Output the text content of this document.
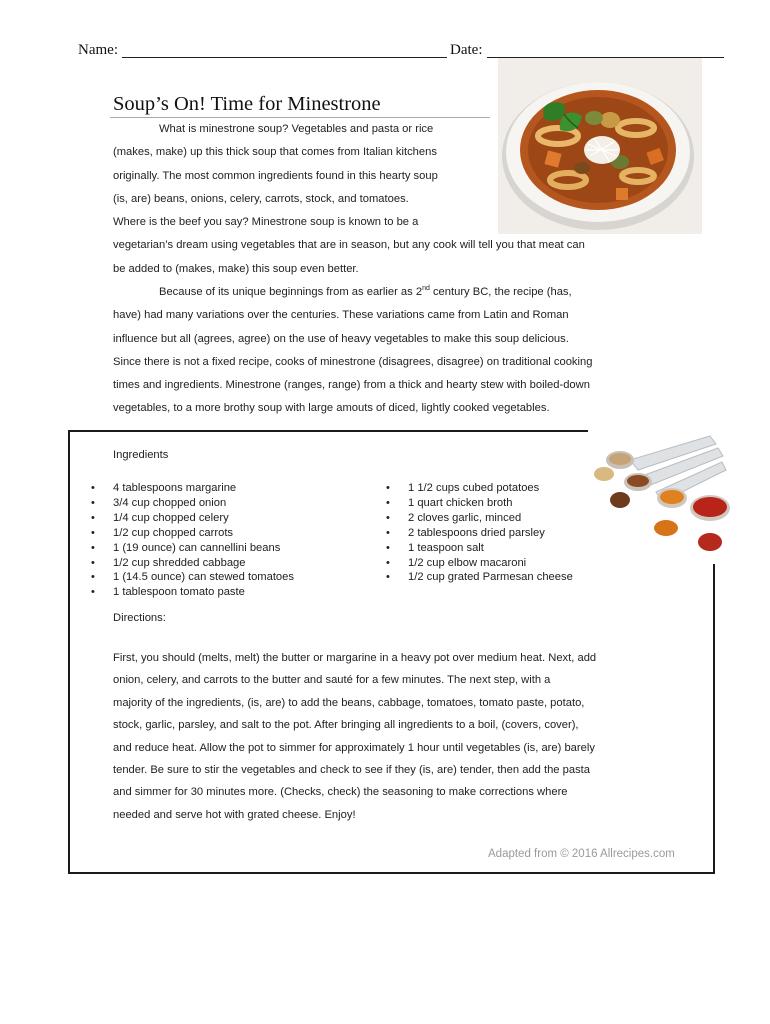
Name:	Date:
Soup’s On! Time for Minestrone
What is minestrone soup? Vegetables and pasta or rice
(makes, make) up this thick soup that comes from Italian kitchens
originally. The most common ingredients found in this hearty soup
(is, are) beans, onions, celery, carrots, stock, and tomatoes.
Where is the beef you say? Minestrone soup is known to be a
vegetarian’s dream using vegetables that are in season, but any cook will tell you that meat can
be added to (makes, make) this soup even better.
Because of its unique beginnings from as earlier as 2nd century BC, the recipe (has,
have) had many variations over the centuries. These variations came from Latin and Roman
influence but all (agrees, agree) on the use of heavy vegetables to make this soup delicious.
Since there is not a fixed recipe, cooks of minestrone (disagrees, disagree) on traditional cooking
times and ingredients. Minestrone (ranges, range) from a thick and hearty stew with boiled-down
vegetables, to a more brothy soup with large amouts of diced, lightly cooked vegetables.
Ingredients
• 4 tablespoons margarine
• 3/4 cup chopped onion
• 1/4 cup chopped celery
• 1/2 cup chopped carrots
• 1 (19 ounce) can cannellini beans
• 1/2 cup shredded cabbage
• 1 (14.5 ounce) can stewed tomatoes
• 1 tablespoon tomato paste
• 1 1/2 cups cubed potatoes
• 1 quart chicken broth
• 2 cloves garlic, minced
• 2 tablespoons dried parsley
• 1 teaspoon salt
• 1/2 cup elbow macaroni
• 1/2 cup grated Parmesan cheese
Directions:
First, you should (melts, melt) the butter or margarine in a heavy pot over medium heat. Next, add
onion, celery, and carrots to the butter and sauté for a few minutes. The next step, with a
majority of the ingredients, (is, are) to add the beans, cabbage, tomatoes, tomato paste, potato,
stock, garlic, parsley, and salt to the pot. After bringing all ingredients to a boil, (covers, cover),
and reduce heat. Allow the pot to simmer for approximately 1 hour until vegetables (is, are) barely
tender. Be sure to stir the vegetables and check to see if they (is, are) tender, then add the pasta
and simmer for 30 minutes more. (Checks, check) the seasoning to make corrections where
needed and serve hot with grated cheese. Enjoy!
Adapted from © 2016 Allrecipes.com
